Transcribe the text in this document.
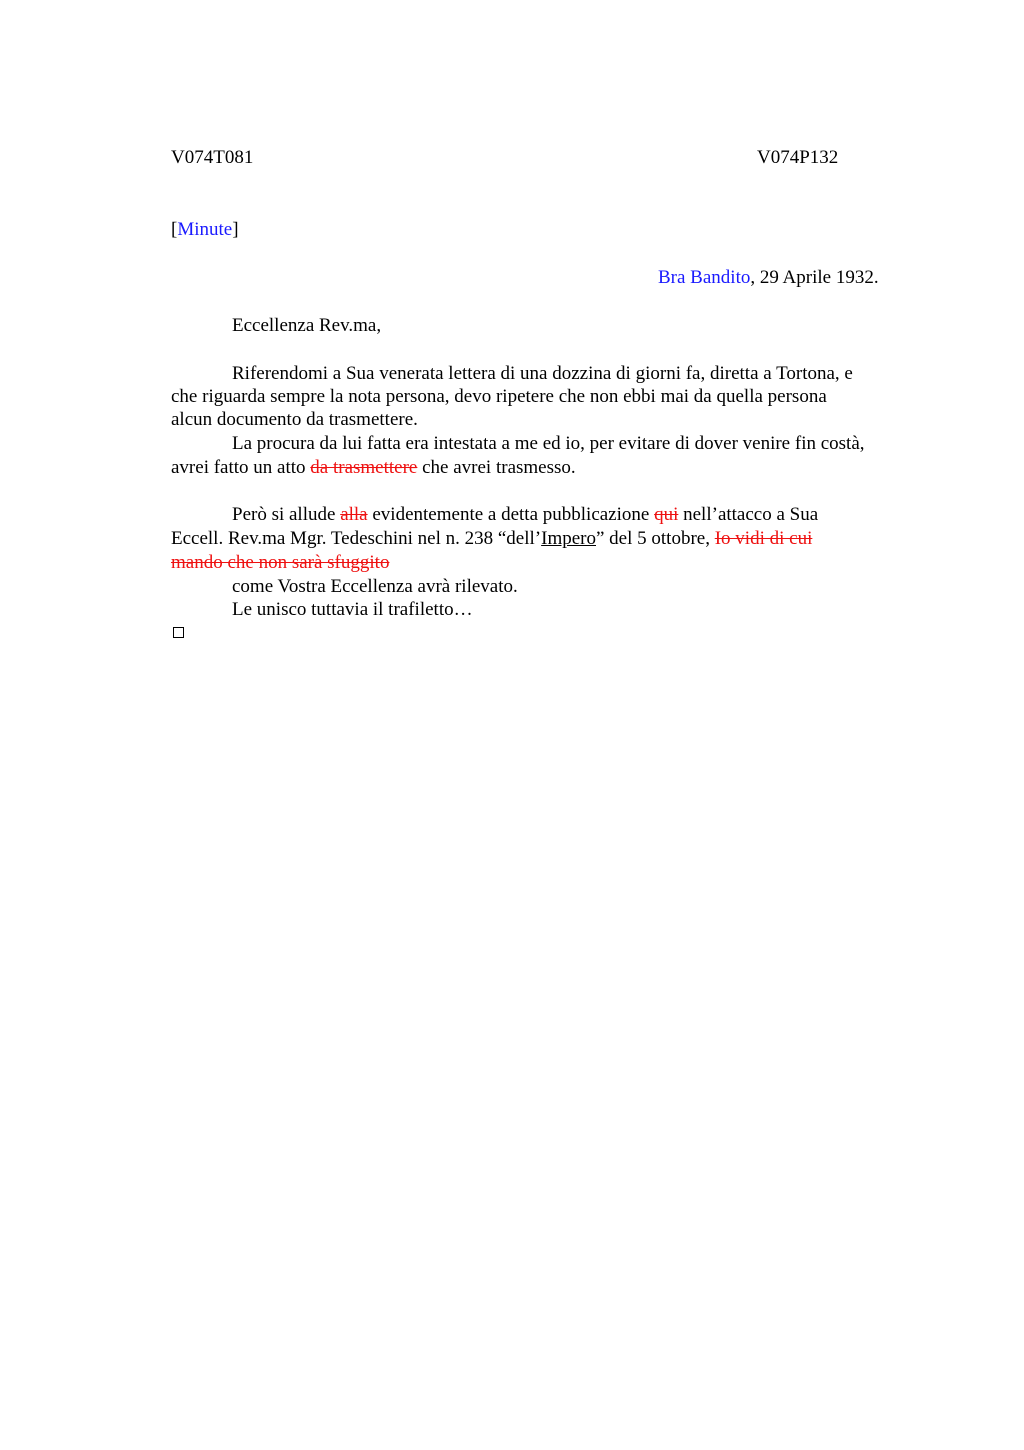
V074T081	V074P132
[Minute]
Bra Bandito, 29 Aprile 1932.
Eccellenza Rev.ma,
Riferendomi a Sua venerata lettera di una dozzina di giorni fa, diretta a Tortona, e
che riguarda sempre la nota persona, devo ripetere che non ebbi mai da quella persona
alcun documento da trasmettere.
La procura da lui fatta era intestata a me ed io, per evitare di dover venire fin costà,
avrei fatto un atto da trasmettere che avrei trasmesso.
Però si allude alla evidentemente a detta pubblicazione qui nell’attacco a Sua
Eccell. Rev.ma Mgr. Tedeschini nel n. 238 “dell’Impero” del 5 ottobre, Io vidi di cui
mando che non sarà sfuggito
come Vostra Eccellenza avrà rilevato.
Le unisco tuttavia il trafiletto…
